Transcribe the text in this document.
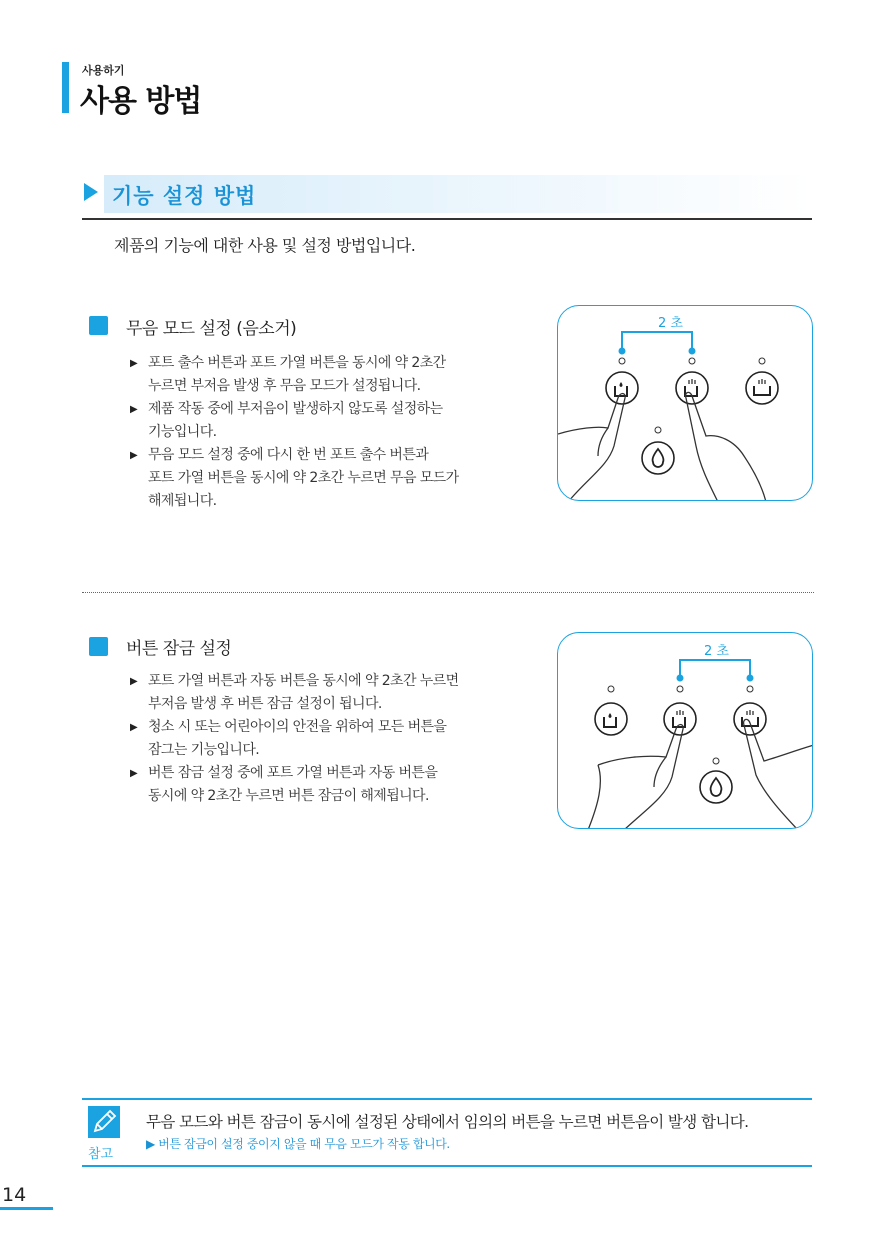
사용하기
사용 방법
기능 설정 방법
제품의 기능에 대한 사용 및 설정 방법입니다.
무음 모드 설정 (음소거)
▶ 포트 출수 버튼과 포트 가열 버튼을 동시에 약 2초간
누르면 부저음 발생 후 무음 모드가 설정됩니다.
▶ 제품 작동 중에 부저음이 발생하지 않도록 설정하는
기능입니다.
▶ 무음 모드 설정 중에 다시 한 번 포트 출수 버튼과
포트 가열 버튼을 동시에 약 2초간 누르면 무음 모드가
해제됩니다.
2 초
버튼 잠금 설정
▶ 포트 가열 버튼과 자동 버튼을 동시에 약 2초간 누르면
부저음 발생 후 버튼 잠금 설정이 됩니다.
▶ 청소 시 또는 어린아이의 안전을 위하여 모든 버튼을
잠그는 기능입니다.
▶ 버튼 잠금 설정 중에 포트 가열 버튼과 자동 버튼을
동시에 약 2초간 누르면 버튼 잠금이 해제됩니다.
2 초
참고
무음 모드와 버튼 잠금이 동시에 설정된 상태에서 임의의 버튼을 누르면 버튼음이 발생 합니다.
▶ 버튼 잠금이 설정 중이지 않을 때 무음 모드가 작동 합니다.
14
